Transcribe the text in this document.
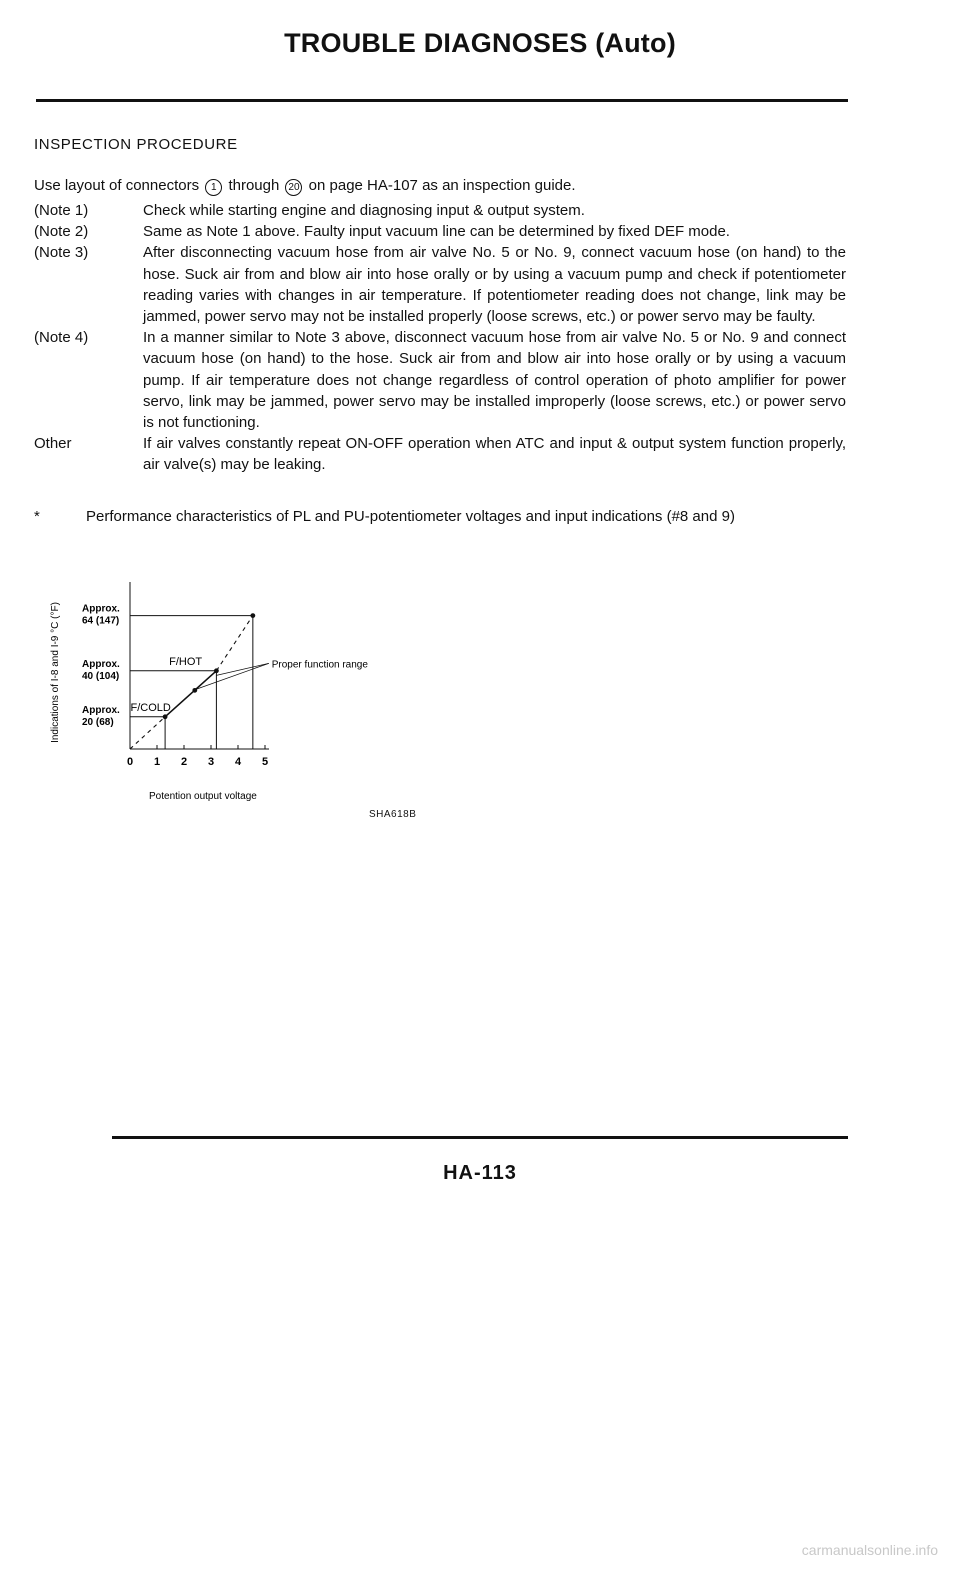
TROUBLE DIAGNOSES (Auto)
INSPECTION PROCEDURE
Use layout of connectors 1 through 20 on page HA-107 as an inspection guide.
(Note 1)	Check while starting engine and diagnosing input & output system.
(Note 2)	Same as Note 1 above. Faulty input vacuum line can be determined by fixed DEF mode.
(Note 3)	After disconnecting vacuum hose from air valve No. 5 or No. 9, connect vacuum hose (on hand) to the hose. Suck air from and blow air into hose orally or by using a vacuum pump and check if potentiometer reading varies with changes in air temperature. If potentiometer reading does not change, link may be jammed, power servo may not be installed properly (loose screws, etc.) or power servo may be faulty.
(Note 4)	In a manner similar to Note 3 above, disconnect vacuum hose from air valve No. 5 or No. 9 and connect vacuum hose (on hand) to the hose. Suck air from and blow air into hose orally or by using a vacuum pump. If air temperature does not change regardless of control operation of photo amplifier for power servo, link may be jammed, power servo may be installed improperly (loose screws, etc.) or power servo is not functioning.
Other	If air valves constantly repeat ON-OFF operation when ATC and input & output system function properly, air valve(s) may be leaking.
*	Performance characteristics of PL and PU-potentiometer voltages and input indications (#8 and 9)
0 1 2 3 4 5
Approx.
20 (68)
Approx.
40 (104)
Approx.
64 (147)
F/HOT
F/COLD
Proper function range
Indications of I-8 and I-9 °C (°F)
Potention output voltage
SHA618B
HA-113
carmanualsonline.info
